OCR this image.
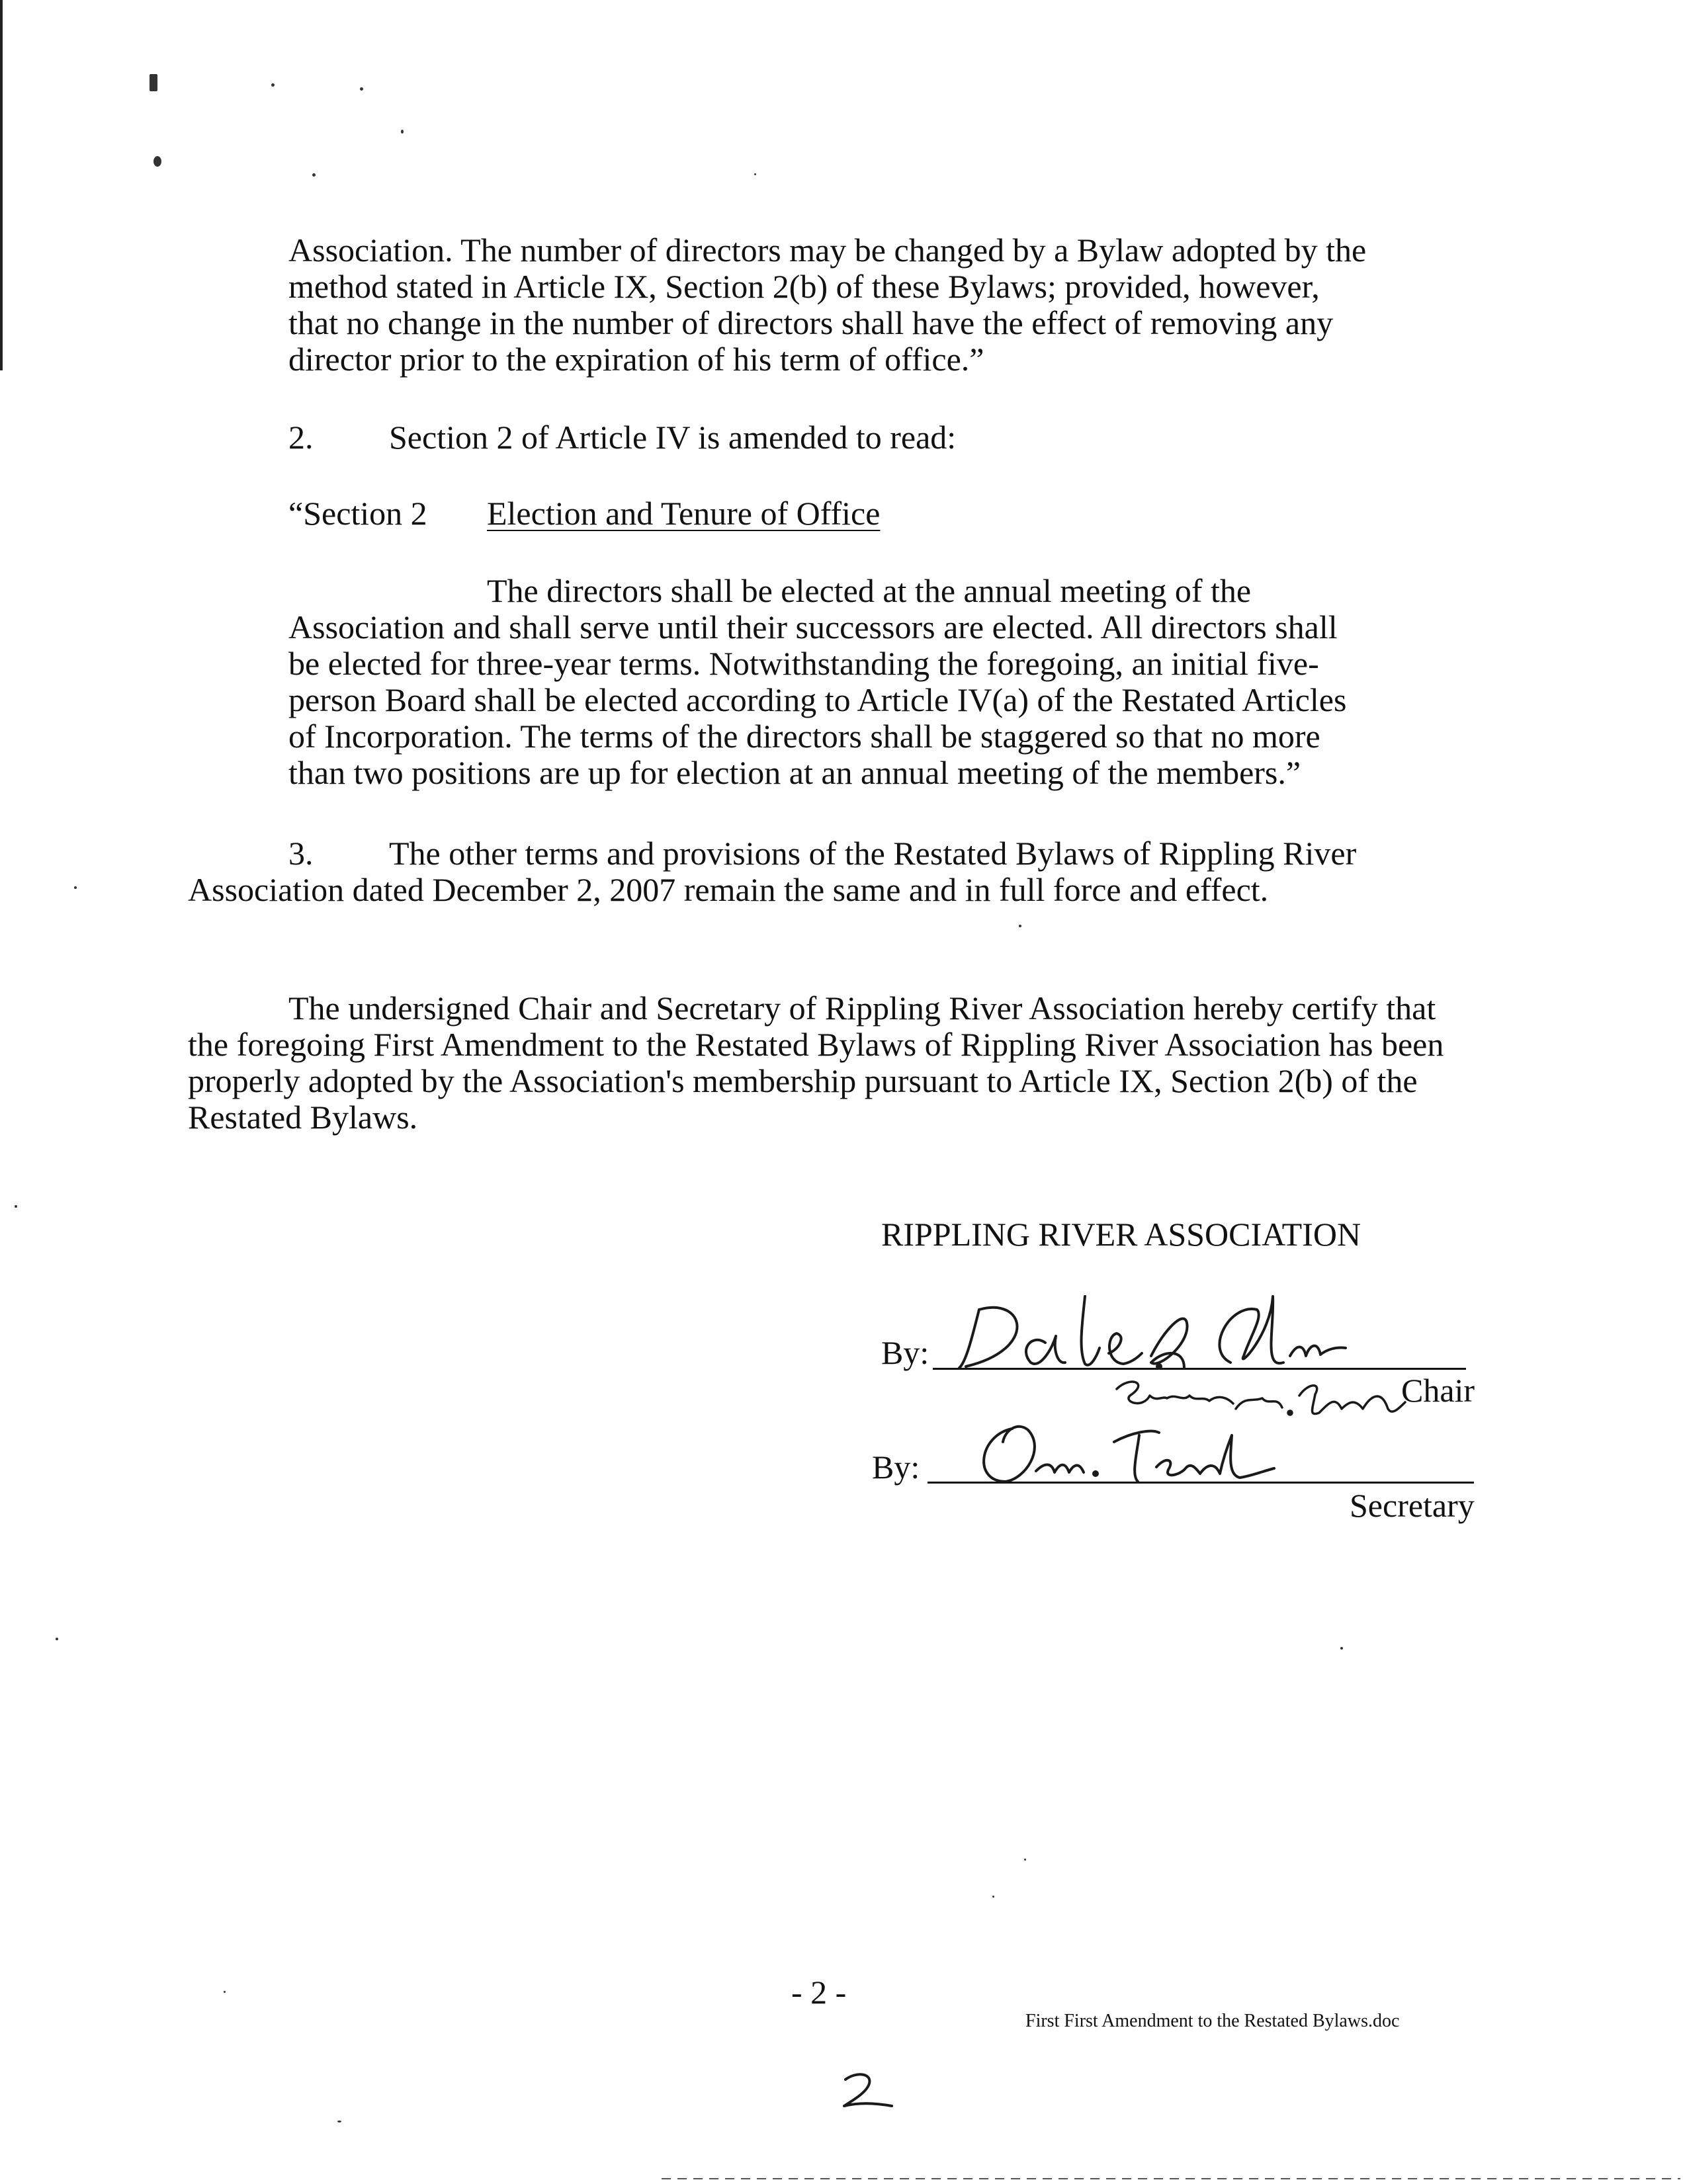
Association. The number of directors may be changed by a Bylaw adopted by the
method stated in Article IX, Section 2(b) of these Bylaws; provided, however,
that no change in the number of directors shall have the effect of removing any
director prior to the expiration of his term of office.”
2. Section 2 of Article IV is amended to read:
“Section 2 Election and Tenure of Office
The directors shall be elected at the annual meeting of the
Association and shall serve until their successors are elected. All directors shall
be elected for three-year terms. Notwithstanding the foregoing, an initial five-
person Board shall be elected according to Article IV(a) of the Restated Articles
of Incorporation. The terms of the directors shall be staggered so that no more
than two positions are up for election at an annual meeting of the members.”
3. The other terms and provisions of the Restated Bylaws of Rippling River
Association dated December 2, 2007 remain the same and in full force and effect.
The undersigned Chair and Secretary of Rippling River Association hereby certify that
the foregoing First Amendment to the Restated Bylaws of Rippling River Association has been
properly adopted by the Association's membership pursuant to Article IX, Section 2(b) of the
Restated Bylaws.
RIPPLING RIVER ASSOCIATION
By:
Chair
By:
Secretary
- 2 -
First First Amendment to the Restated Bylaws.doc
